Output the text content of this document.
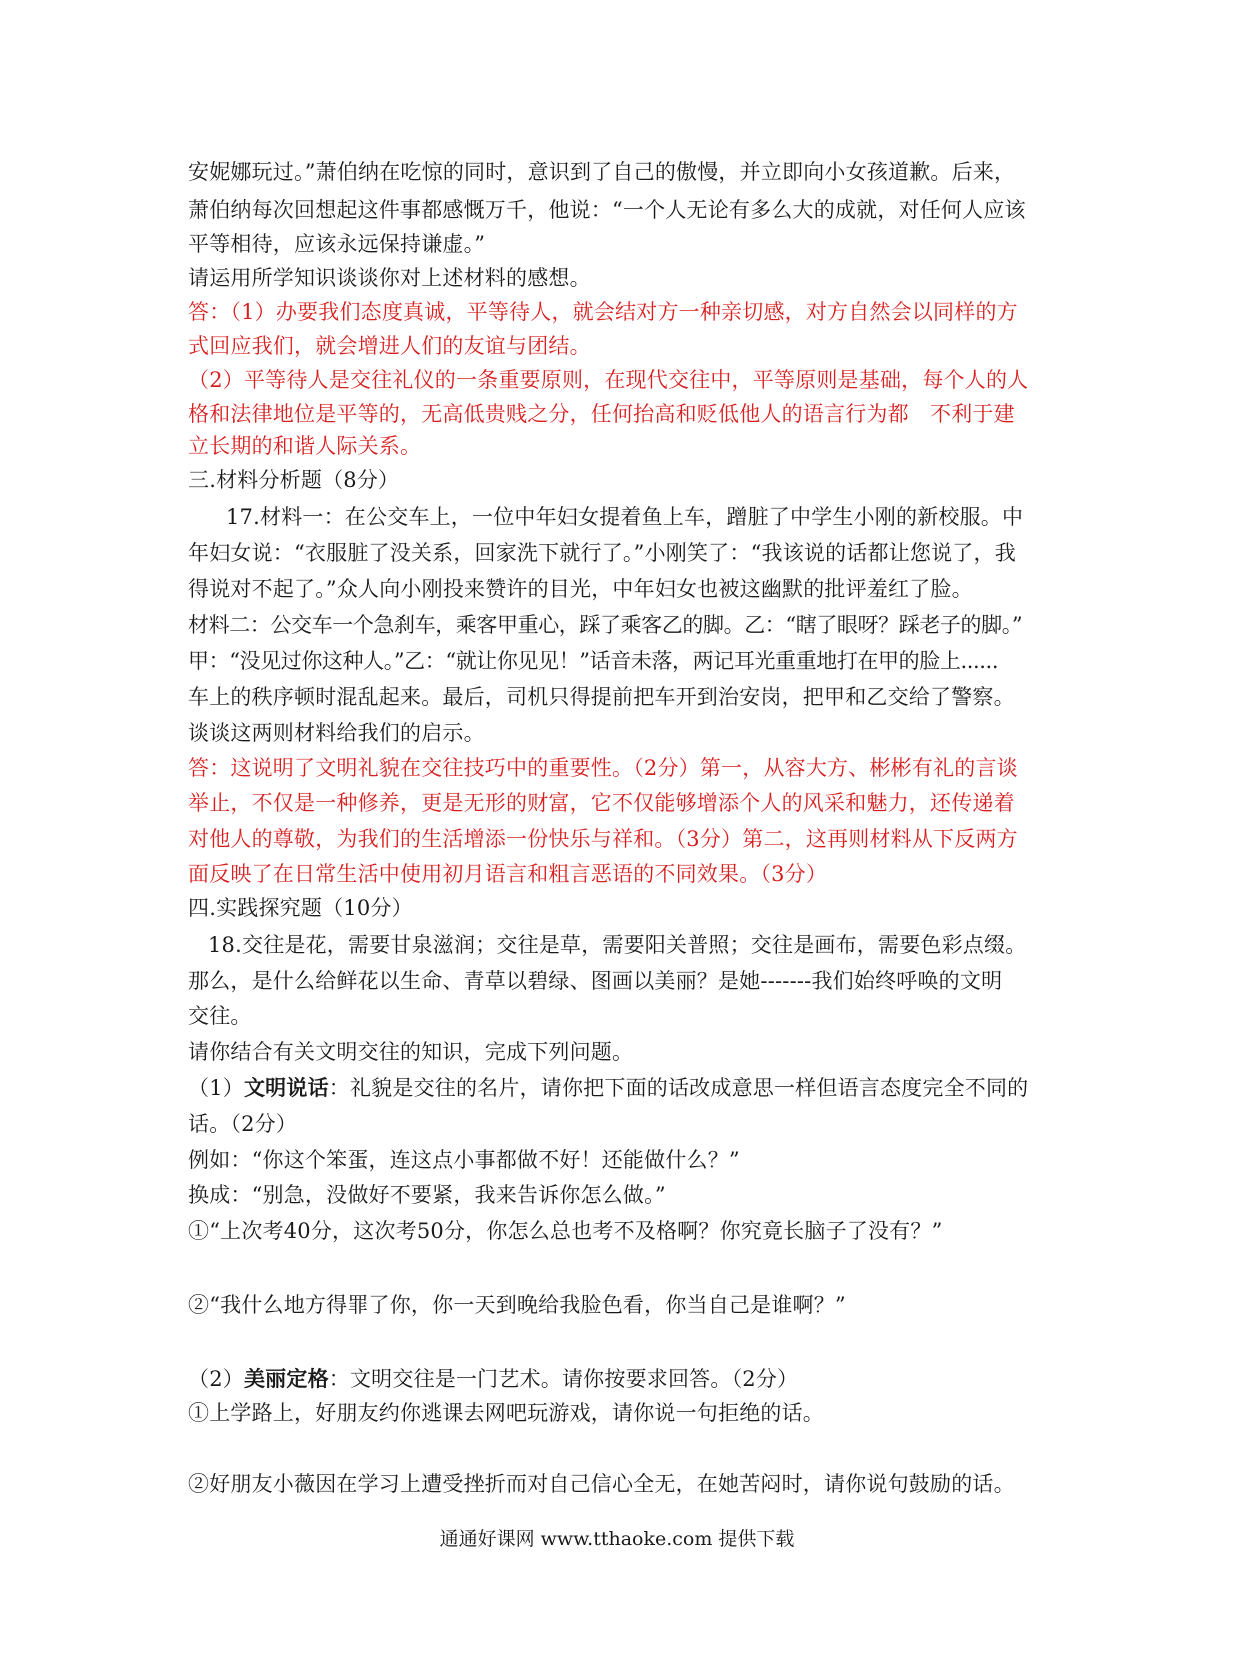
安妮娜玩过。”萧伯纳在吃惊的同时，意识到了自己的傲慢，并立即向小女孩道歉。后来，
萧伯纳每次回想起这件事都感慨万千，他说：“一个人无论有多么大的成就，对任何人应该
平等相待，应该永远保持谦虚。”
请运用所学知识谈谈你对上述材料的感想。
答：（1）办要我们态度真诚，平等待人，就会结对方一种亲切感，对方自然会以同样的方
式回应我们，就会增进人们的友谊与团结。
（2）平等待人是交往礼仪的一条重要原则，在现代交往中，平等原则是基础，每个人的人
格和法律地位是平等的，无高低贵贱之分，任何抬高和贬低他人的语言行为都　不利于建
立长期的和谐人际关系。
三.材料分析题（8分）
17.材料一：在公交车上，一位中年妇女提着鱼上车，蹭脏了中学生小刚的新校服。中
年妇女说：“衣服脏了没关系，回家洗下就行了。”小刚笑了：“我该说的话都让您说了，我
得说对不起了。”众人向小刚投来赞许的目光，中年妇女也被这幽默的批评羞红了脸。
材料二：公交车一个急刹车，乘客甲重心，踩了乘客乙的脚。乙：“瞎了眼呀？踩老子的脚。”
甲：“没见过你这种人。”乙：“就让你见见！”话音未落，两记耳光重重地打在甲的脸上......
车上的秩序顿时混乱起来。最后，司机只得提前把车开到治安岗，把甲和乙交给了警察。
谈谈这两则材料给我们的启示。
答：这说明了文明礼貌在交往技巧中的重要性。（2分）第一，从容大方、彬彬有礼的言谈
举止，不仅是一种修养，更是无形的财富，它不仅能够增添个人的风采和魅力，还传递着
对他人的尊敬，为我们的生活增添一份快乐与祥和。（3分）第二，这再则材料从下反两方
面反映了在日常生活中使用初月语言和粗言恶语的不同效果。（3分）
四.实践探究题（10分）
18.交往是花，需要甘泉滋润；交往是草，需要阳关普照；交往是画布，需要色彩点缀。
那么，是什么给鲜花以生命、青草以碧绿、图画以美丽？是她-------我们始终呼唤的文明
交往。
请你结合有关文明交往的知识，完成下列问题。
（1）文明说话：礼貌是交往的名片，请你把下面的话改成意思一样但语言态度完全不同的
话。（2分）
例如：“你这个笨蛋，连这点小事都做不好！还能做什么？”
换成：“别急，没做好不要紧，我来告诉你怎么做。”
①“上次考40分，这次考50分，你怎么总也考不及格啊？你究竟长脑子了没有？”
②“我什么地方得罪了你，你一天到晚给我脸色看，你当自己是谁啊？”
（2）美丽定格：文明交往是一门艺术。请你按要求回答。（2分）
①上学路上，好朋友约你逃课去网吧玩游戏，请你说一句拒绝的话。
②好朋友小薇因在学习上遭受挫折而对自己信心全无，在她苦闷时，请你说句鼓励的话。
通通好课网 www.tthaoke.com 提供下载
